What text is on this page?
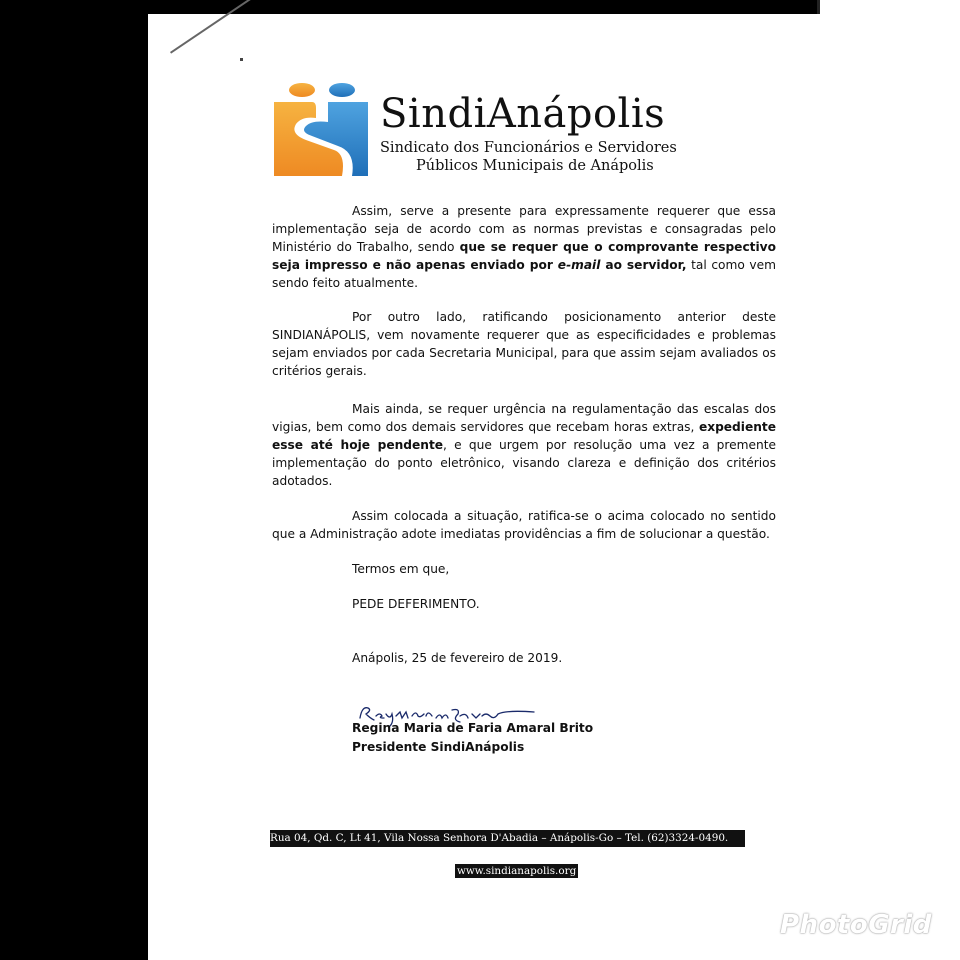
SindiAnápolis
Sindicato dos Funcionários e Servidores
Públicos Municipais de Anápolis

Assim, serve a presente para expressamente requerer que essa implementação seja de acordo com as normas previstas e consagradas pelo Ministério do Trabalho, sendo que se requer que o comprovante respectivo seja impresso e não apenas enviado por e-mail ao servidor, tal como vem sendo feito atualmente.

Por outro lado, ratificando posicionamento anterior deste SINDIANÁPOLIS, vem novamente requerer que as especificidades e problemas sejam enviados por cada Secretaria Municipal, para que assim sejam avaliados os critérios gerais.

Mais ainda, se requer urgência na regulamentação das escalas dos vigias, bem como dos demais servidores que recebam horas extras, expediente esse até hoje pendente, e que urgem por resolução uma vez a premente implementação do ponto eletrônico, visando clareza e definição dos critérios adotados.

Assim colocada a situação, ratifica-se o acima colocado no sentido que a Administração adote imediatas providências a fim de solucionar a questão.

Termos em que,
PEDE DEFERIMENTO.
Anápolis, 25 de fevereiro de 2019.
Regina Maria de Faria Amaral Brito
Presidente SindiAnápolis
Rua 04, Qd. C, Lt 41, Vila Nossa Senhora D'Abadia – Anápolis-Go – Tel. (62)3324-0490.
www.sindianapolis.org
PhotoGrid
